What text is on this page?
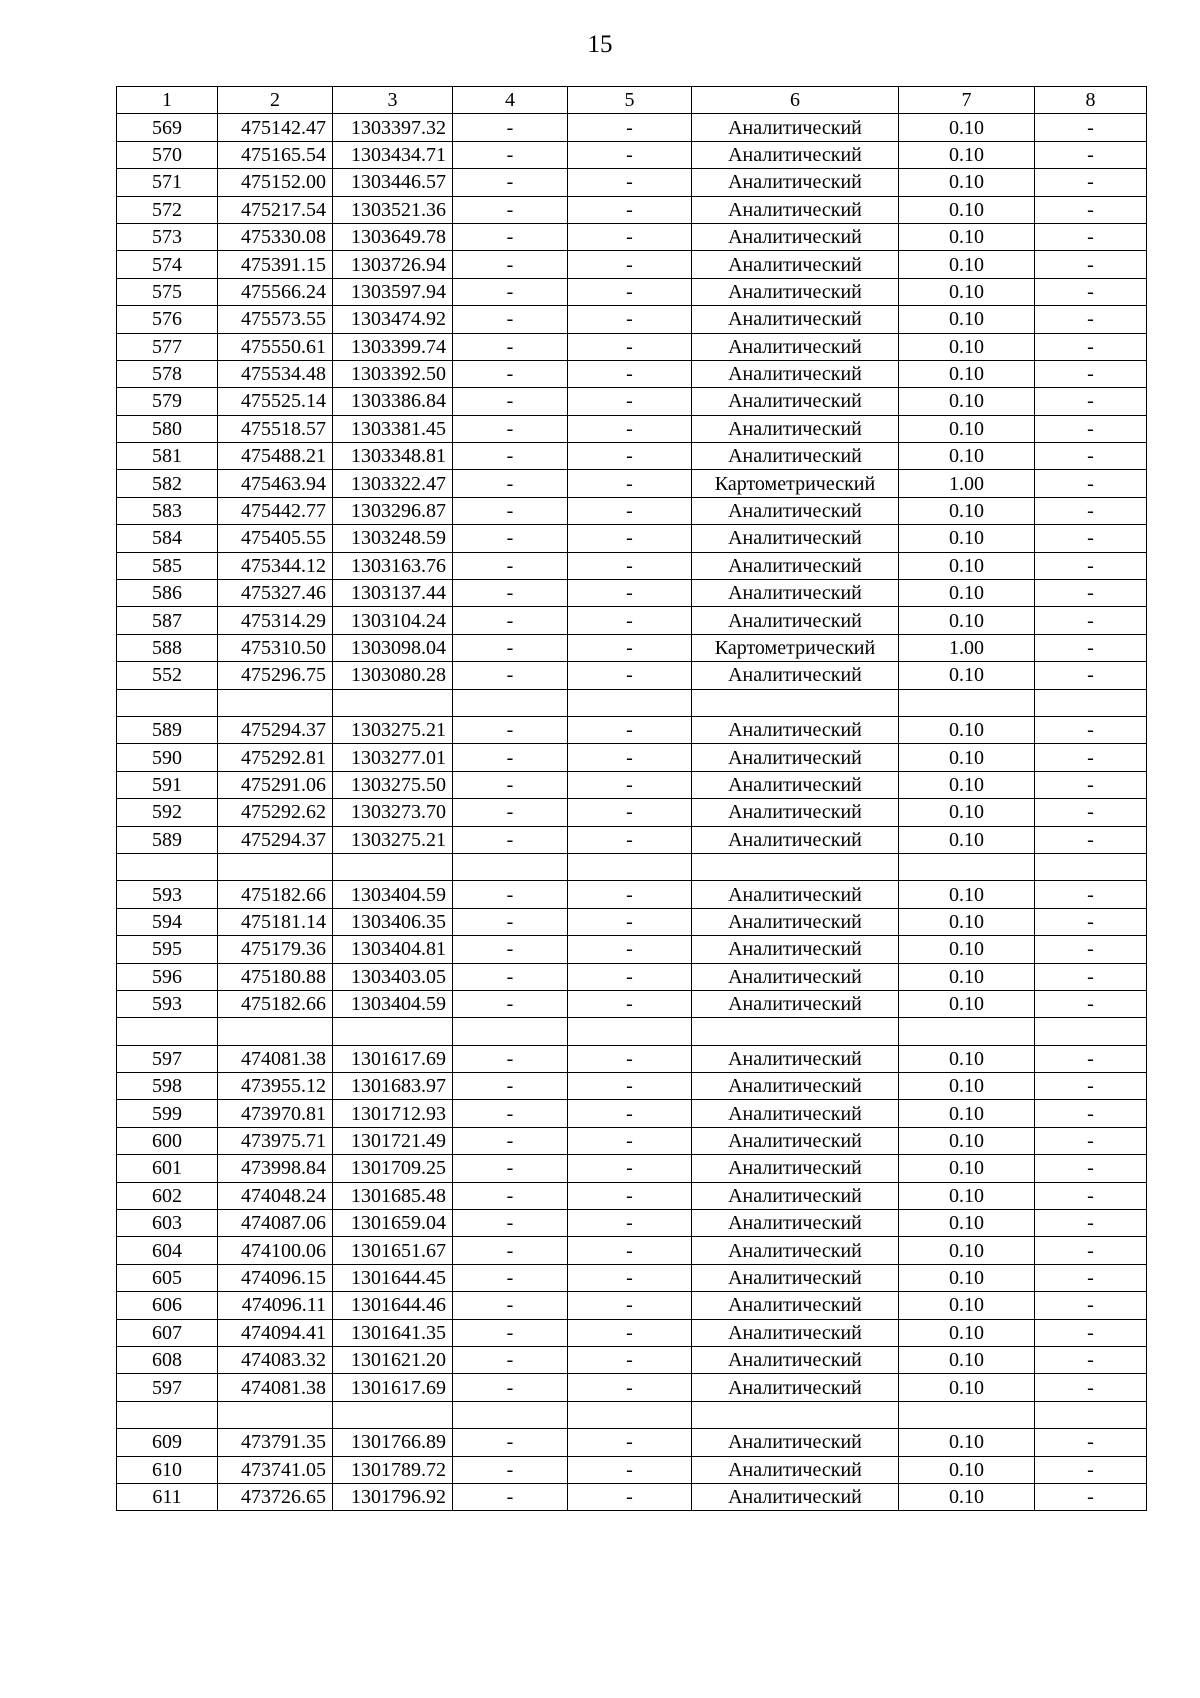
15
1	2	3	4	5	6	7	8
569	475142.47	1303397.32	-	-	Аналитический	0.10	-
570	475165.54	1303434.71	-	-	Аналитический	0.10	-
571	475152.00	1303446.57	-	-	Аналитический	0.10	-
572	475217.54	1303521.36	-	-	Аналитический	0.10	-
573	475330.08	1303649.78	-	-	Аналитический	0.10	-
574	475391.15	1303726.94	-	-	Аналитический	0.10	-
575	475566.24	1303597.94	-	-	Аналитический	0.10	-
576	475573.55	1303474.92	-	-	Аналитический	0.10	-
577	475550.61	1303399.74	-	-	Аналитический	0.10	-
578	475534.48	1303392.50	-	-	Аналитический	0.10	-
579	475525.14	1303386.84	-	-	Аналитический	0.10	-
580	475518.57	1303381.45	-	-	Аналитический	0.10	-
581	475488.21	1303348.81	-	-	Аналитический	0.10	-
582	475463.94	1303322.47	-	-	Картометрический	1.00	-
583	475442.77	1303296.87	-	-	Аналитический	0.10	-
584	475405.55	1303248.59	-	-	Аналитический	0.10	-
585	475344.12	1303163.76	-	-	Аналитический	0.10	-
586	475327.46	1303137.44	-	-	Аналитический	0.10	-
587	475314.29	1303104.24	-	-	Аналитический	0.10	-
588	475310.50	1303098.04	-	-	Картометрический	1.00	-
552	475296.75	1303080.28	-	-	Аналитический	0.10	-

589	475294.37	1303275.21	-	-	Аналитический	0.10	-
590	475292.81	1303277.01	-	-	Аналитический	0.10	-
591	475291.06	1303275.50	-	-	Аналитический	0.10	-
592	475292.62	1303273.70	-	-	Аналитический	0.10	-
589	475294.37	1303275.21	-	-	Аналитический	0.10	-

593	475182.66	1303404.59	-	-	Аналитический	0.10	-
594	475181.14	1303406.35	-	-	Аналитический	0.10	-
595	475179.36	1303404.81	-	-	Аналитический	0.10	-
596	475180.88	1303403.05	-	-	Аналитический	0.10	-
593	475182.66	1303404.59	-	-	Аналитический	0.10	-

597	474081.38	1301617.69	-	-	Аналитический	0.10	-
598	473955.12	1301683.97	-	-	Аналитический	0.10	-
599	473970.81	1301712.93	-	-	Аналитический	0.10	-
600	473975.71	1301721.49	-	-	Аналитический	0.10	-
601	473998.84	1301709.25	-	-	Аналитический	0.10	-
602	474048.24	1301685.48	-	-	Аналитический	0.10	-
603	474087.06	1301659.04	-	-	Аналитический	0.10	-
604	474100.06	1301651.67	-	-	Аналитический	0.10	-
605	474096.15	1301644.45	-	-	Аналитический	0.10	-
606	474096.11	1301644.46	-	-	Аналитический	0.10	-
607	474094.41	1301641.35	-	-	Аналитический	0.10	-
608	474083.32	1301621.20	-	-	Аналитический	0.10	-
597	474081.38	1301617.69	-	-	Аналитический	0.10	-

609	473791.35	1301766.89	-	-	Аналитический	0.10	-
610	473741.05	1301789.72	-	-	Аналитический	0.10	-
611	473726.65	1301796.92	-	-	Аналитический	0.10	-
